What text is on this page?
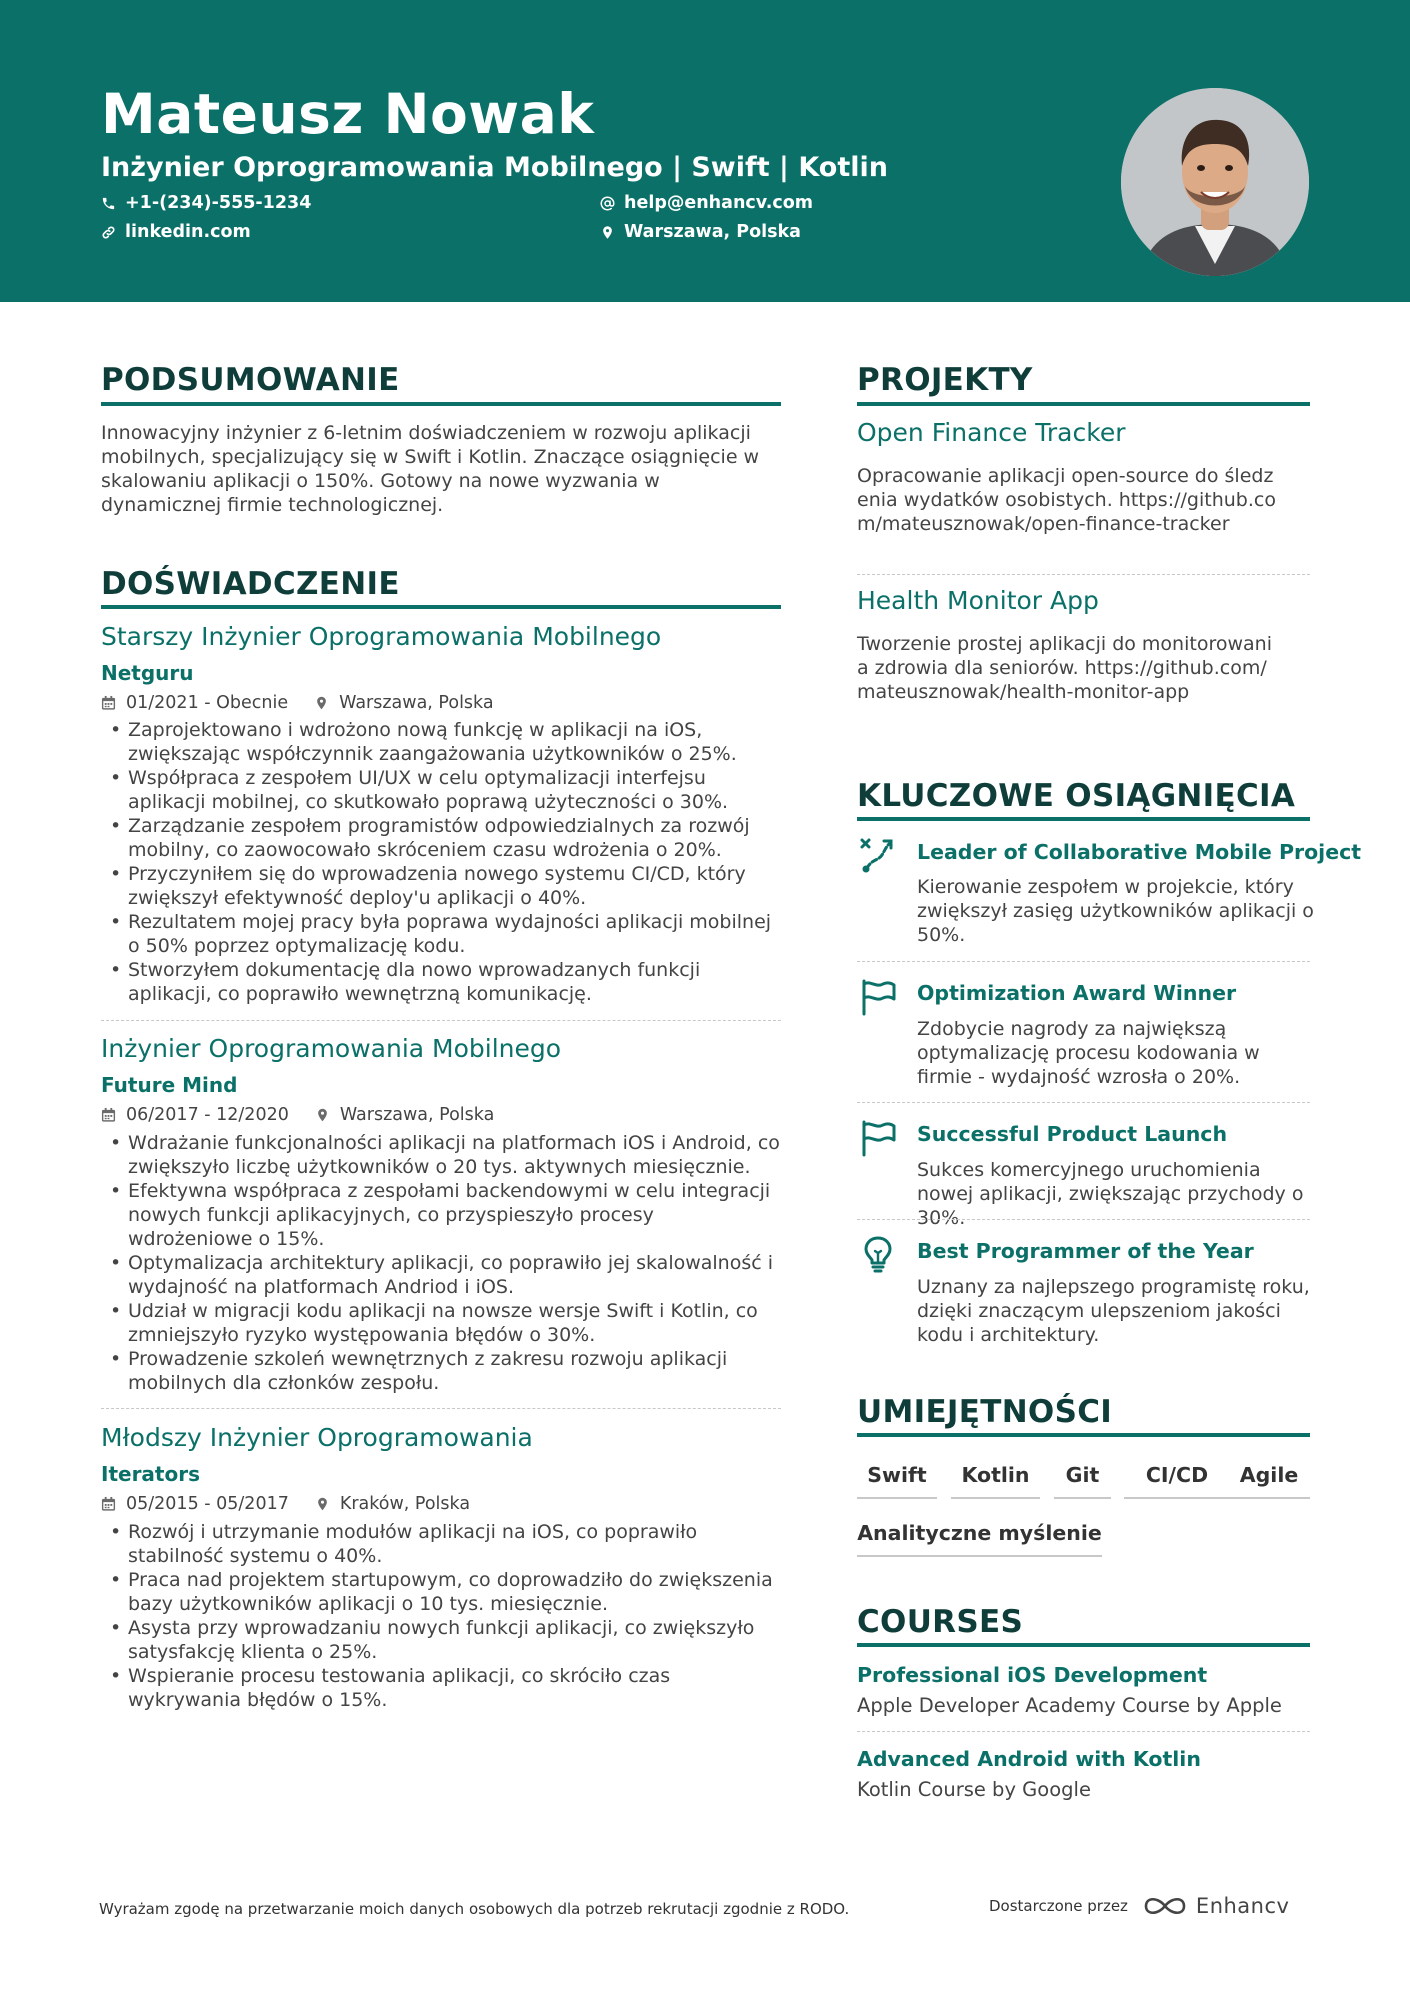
Mateusz Nowak
Inżynier Oprogramowania Mobilnego | Swift | Kotlin
+1-(234)-555-1234
linkedin.com
help@enhancv.com
Warszawa, Polska
PODSUMOWANIE
Innowacyjny inżynier z 6-letnim doświadczeniem w rozwoju aplikacji mobilnych, specjalizujący się w Swift i Kotlin. Znaczące osiągnięcie w skalowaniu aplikacji o 150%. Gotowy na nowe wyzwania w dynamicznej firmie technologicznej.
DOŚWIADCZENIE
Starszy Inżynier Oprogramowania Mobilnego
Netguru
01/2021 - Obecnie	Warszawa, Polska
• Zaprojektowano i wdrożono nową funkcję w aplikacji na iOS, zwiększając współczynnik zaangażowania użytkowników o 25%.
• Współpraca z zespołem UI/UX w celu optymalizacji interfejsu aplikacji mobilnej, co skutkowało poprawą użyteczności o 30%.
• Zarządzanie zespołem programistów odpowiedzialnych za rozwój mobilny, co zaowocowało skróceniem czasu wdrożenia o 20%.
• Przyczyniłem się do wprowadzenia nowego systemu CI/CD, który zwiększył efektywność deploy'u aplikacji o 40%.
• Rezultatem mojej pracy była poprawa wydajności aplikacji mobilnej o 50% poprzez optymalizację kodu.
• Stworzyłem dokumentację dla nowo wprowadzanych funkcji aplikacji, co poprawiło wewnętrzną komunikację.
Inżynier Oprogramowania Mobilnego
Future Mind
06/2017 - 12/2020	Warszawa, Polska
• Wdrażanie funkcjonalności aplikacji na platformach iOS i Android, co zwiększyło liczbę użytkowników o 20 tys. aktywnych miesięcznie.
• Efektywna współpraca z zespołami backendowymi w celu integracji nowych funkcji aplikacyjnych, co przyspieszyło procesy wdrożeniowe o 15%.
• Optymalizacja architektury aplikacji, co poprawiło jej skalowalność i wydajność na platformach Andriod i iOS.
• Udział w migracji kodu aplikacji na nowsze wersje Swift i Kotlin, co zmniejszyło ryzyko występowania błędów o 30%.
• Prowadzenie szkoleń wewnętrznych z zakresu rozwoju aplikacji mobilnych dla członków zespołu.
Młodszy Inżynier Oprogramowania
Iterators
05/2015 - 05/2017	Kraków, Polska
• Rozwój i utrzymanie modułów aplikacji na iOS, co poprawiło stabilność systemu o 40%.
• Praca nad projektem startupowym, co doprowadziło do zwiększenia bazy użytkowników aplikacji o 10 tys. miesięcznie.
• Asysta przy wprowadzaniu nowych funkcji aplikacji, co zwiększyło satysfakcję klienta o 25%.
• Wspieranie procesu testowania aplikacji, co skróciło czas wykrywania błędów o 15%.
PROJEKTY
Open Finance Tracker
Opracowanie aplikacji open-source do śledzenia wydatków osobistych. https://github.com/mateusznowak/open-finance-tracker
Health Monitor App
Tworzenie prostej aplikacji do monitorowania zdrowia dla seniorów. https://github.com/mateusznowak/health-monitor-app
KLUCZOWE OSIĄGNIĘCIA
Leader of Collaborative Mobile Project
Kierowanie zespołem w projekcie, który zwiększył zasięg użytkowników aplikacji o 50%.
Optimization Award Winner
Zdobycie nagrody za największą optymalizację procesu kodowania w firmie - wydajność wzrosła o 20%.
Successful Product Launch
Sukces komercyjnego uruchomienia nowej aplikacji, zwiększając przychody o 30%.
Best Programmer of the Year
Uznany za najlepszego programistę roku, dzięki znaczącym ulepszeniom jakości kodu i architektury.
UMIEJĘTNOŚCI
Swift	Kotlin	Git	CI/CD	Agile
Analityczne myślenie
COURSES
Professional iOS Development
Apple Developer Academy Course by Apple
Advanced Android with Kotlin
Kotlin Course by Google
Wyrażam zgodę na przetwarzanie moich danych osobowych dla potrzeb rekrutacji zgodnie z RODO.	Dostarczone przez	Enhancv
